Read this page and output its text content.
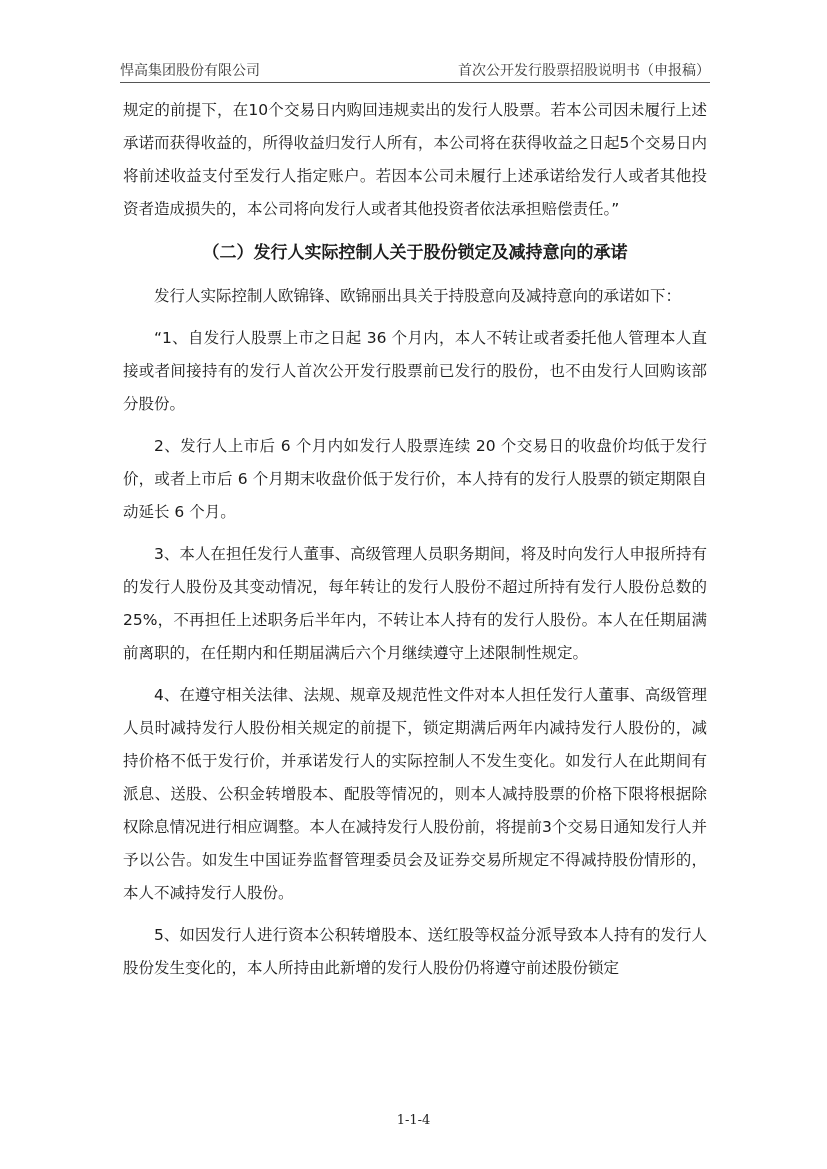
悍高集团股份有限公司	首次公开发行股票招股说明书（申报稿）

规定的前提下，在10个交易日内购回违规卖出的发行人股票。若本公司因未履行上述承诺而获得收益的，所得收益归发行人所有，本公司将在获得收益之日起5个交易日内将前述收益支付至发行人指定账户。若因本公司未履行上述承诺给发行人或者其他投资者造成损失的，本公司将向发行人或者其他投资者依法承担赔偿责任。”

（二）发行人实际控制人关于股份锁定及减持意向的承诺

发行人实际控制人欧锦锋、欧锦丽出具关于持股意向及减持意向的承诺如下：

“1、自发行人股票上市之日起 36 个月内，本人不转让或者委托他人管理本人直接或者间接持有的发行人首次公开发行股票前已发行的股份，也不由发行人回购该部分股份。

2、发行人上市后 6 个月内如发行人股票连续 20 个交易日的收盘价均低于发行价，或者上市后 6 个月期末收盘价低于发行价，本人持有的发行人股票的锁定期限自动延长 6 个月。

3、本人在担任发行人董事、高级管理人员职务期间，将及时向发行人申报所持有的发行人股份及其变动情况，每年转让的发行人股份不超过所持有发行人股份总数的25%，不再担任上述职务后半年内，不转让本人持有的发行人股份。本人在任期届满前离职的，在任期内和任期届满后六个月继续遵守上述限制性规定。

4、在遵守相关法律、法规、规章及规范性文件对本人担任发行人董事、高级管理人员时减持发行人股份相关规定的前提下，锁定期满后两年内减持发行人股份的，减持价格不低于发行价，并承诺发行人的实际控制人不发生变化。如发行人在此期间有派息、送股、公积金转增股本、配股等情况的，则本人减持股票的价格下限将根据除权除息情况进行相应调整。本人在减持发行人股份前，将提前3个交易日通知发行人并予以公告。如发生中国证券监督管理委员会及证券交易所规定不得减持股份情形的，本人不减持发行人股份。

5、如因发行人进行资本公积转增股本、送红股等权益分派导致本人持有的发行人股份发生变化的，本人所持由此新增的发行人股份仍将遵守前述股份锁定

1-1-4
